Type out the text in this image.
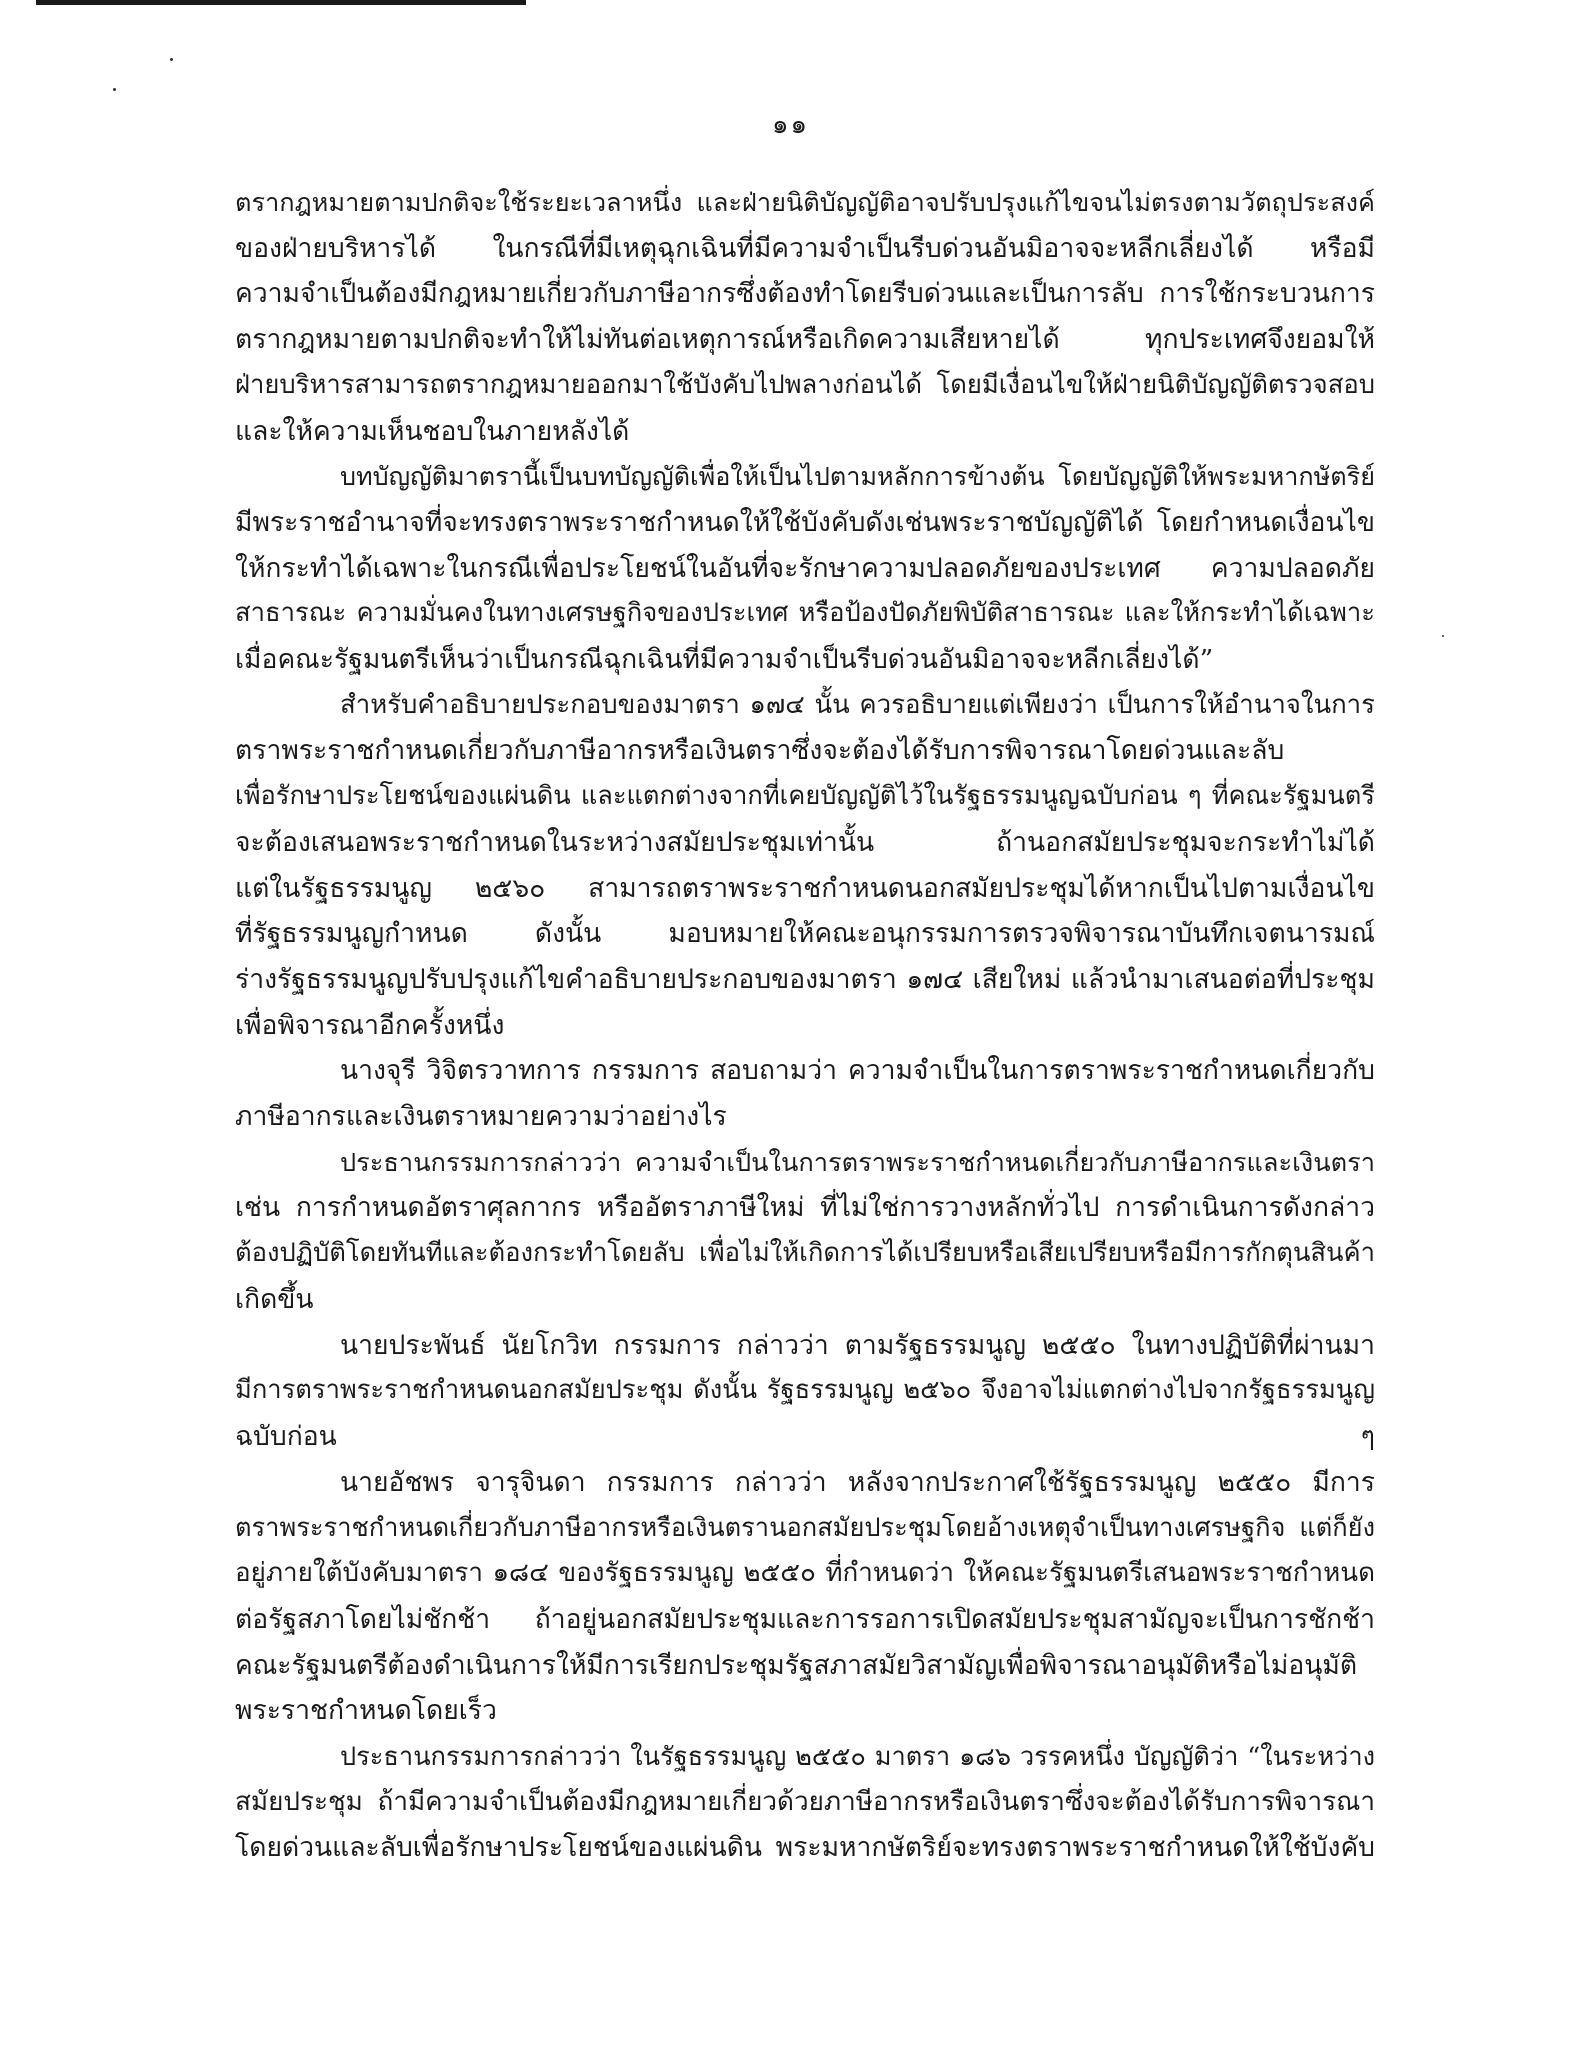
๑๑
ตรากฎหมายตามปกติจะใช้ระยะเวลาหนึ่ง และฝ่ายนิติบัญญัติอาจปรับปรุงแก้ไขจนไม่ตรงตามวัตถุประสงค์
ของฝ่ายบริหารได้ ในกรณีที่มีเหตุฉุกเฉินที่มีความจำเป็นรีบด่วนอันมิอาจจะหลีกเลี่ยงได้ หรือมี
ความจำเป็นต้องมีกฎหมายเกี่ยวกับภาษีอากรซึ่งต้องทำโดยรีบด่วนและเป็นการลับ การใช้กระบวนการ
ตรากฎหมายตามปกติจะทำให้ไม่ทันต่อเหตุการณ์หรือเกิดความเสียหายได้ ทุกประเทศจึงยอมให้
ฝ่ายบริหารสามารถตรากฎหมายออกมาใช้บังคับไปพลางก่อนได้ โดยมีเงื่อนไขให้ฝ่ายนิติบัญญัติตรวจสอบ
และให้ความเห็นชอบในภายหลังได้
บทบัญญัติมาตรานี้เป็นบทบัญญัติเพื่อให้เป็นไปตามหลักการข้างต้น โดยบัญญัติให้พระมหากษัตริย์
มีพระราชอำนาจที่จะทรงตราพระราชกำหนดให้ใช้บังคับดังเช่นพระราชบัญญัติได้ โดยกำหนดเงื่อนไข
ให้กระทำได้เฉพาะในกรณีเพื่อประโยชน์ในอันที่จะรักษาความปลอดภัยของประเทศ ความปลอดภัย
สาธารณะ ความมั่นคงในทางเศรษฐกิจของประเทศ หรือป้องปัดภัยพิบัติสาธารณะ และให้กระทำได้เฉพาะ
เมื่อคณะรัฐมนตรีเห็นว่าเป็นกรณีฉุกเฉินที่มีความจำเป็นรีบด่วนอันมิอาจจะหลีกเลี่ยงได้”
สำหรับคำอธิบายประกอบของมาตรา ๑๗๔ นั้น ควรอธิบายแต่เพียงว่า เป็นการให้อำนาจในการ
ตราพระราชกำหนดเกี่ยวกับภาษีอากรหรือเงินตราซึ่งจะต้องได้รับการพิจารณาโดยด่วนและลับ
เพื่อรักษาประโยชน์ของแผ่นดิน และแตกต่างจากที่เคยบัญญัติไว้ในรัฐธรรมนูญฉบับก่อน ๆ ที่คณะรัฐมนตรี
จะต้องเสนอพระราชกำหนดในระหว่างสมัยประชุมเท่านั้น ถ้านอกสมัยประชุมจะกระทำไม่ได้
แต่ในรัฐธรรมนูญ ๒๕๖๐ สามารถตราพระราชกำหนดนอกสมัยประชุมได้หากเป็นไปตามเงื่อนไข
ที่รัฐธรรมนูญกำหนด ดังนั้น มอบหมายให้คณะอนุกรรมการตรวจพิจารณาบันทึกเจตนารมณ์
ร่างรัฐธรรมนูญปรับปรุงแก้ไขคำอธิบายประกอบของมาตรา ๑๗๔ เสียใหม่ แล้วนำมาเสนอต่อที่ประชุม
เพื่อพิจารณาอีกครั้งหนึ่ง
นางจุรี วิจิตรวาทการ กรรมการ สอบถามว่า ความจำเป็นในการตราพระราชกำหนดเกี่ยวกับ
ภาษีอากรและเงินตราหมายความว่าอย่างไร
ประธานกรรมการกล่าวว่า ความจำเป็นในการตราพระราชกำหนดเกี่ยวกับภาษีอากรและเงินตรา
เช่น การกำหนดอัตราศุลกากร หรืออัตราภาษีใหม่ ที่ไม่ใช่การวางหลักทั่วไป การดำเนินการดังกล่าว
ต้องปฏิบัติโดยทันทีและต้องกระทำโดยลับ เพื่อไม่ให้เกิดการได้เปรียบหรือเสียเปรียบหรือมีการกักตุนสินค้า
เกิดขึ้น
นายประพันธ์ นัยโกวิท กรรมการ กล่าวว่า ตามรัฐธรรมนูญ ๒๕๕๐ ในทางปฏิบัติที่ผ่านมา
มีการตราพระราชกำหนดนอกสมัยประชุม ดังนั้น รัฐธรรมนูญ ๒๕๖๐ จึงอาจไม่แตกต่างไปจากรัฐธรรมนูญ
ฉบับก่อน ๆ
นายอัชพร จารุจินดา กรรมการ กล่าวว่า หลังจากประกาศใช้รัฐธรรมนูญ ๒๕๕๐ มีการ
ตราพระราชกำหนดเกี่ยวกับภาษีอากรหรือเงินตรานอกสมัยประชุมโดยอ้างเหตุจำเป็นทางเศรษฐกิจ แต่ก็ยัง
อยู่ภายใต้บังคับมาตรา ๑๘๔ ของรัฐธรรมนูญ ๒๕๕๐ ที่กำหนดว่า ให้คณะรัฐมนตรีเสนอพระราชกำหนด
ต่อรัฐสภาโดยไม่ชักช้า ถ้าอยู่นอกสมัยประชุมและการรอการเปิดสมัยประชุมสามัญจะเป็นการชักช้า
คณะรัฐมนตรีต้องดำเนินการให้มีการเรียกประชุมรัฐสภาสมัยวิสามัญเพื่อพิจารณาอนุมัติหรือไม่อนุมัติ
พระราชกำหนดโดยเร็ว
ประธานกรรมการกล่าวว่า ในรัฐธรรมนูญ ๒๕๕๐ มาตรา ๑๘๖ วรรคหนึ่ง บัญญัติว่า “ในระหว่าง
สมัยประชุม ถ้ามีความจำเป็นต้องมีกฎหมายเกี่ยวด้วยภาษีอากรหรือเงินตราซึ่งจะต้องได้รับการพิจารณา
โดยด่วนและลับเพื่อรักษาประโยชน์ของแผ่นดิน พระมหากษัตริย์จะทรงตราพระราชกำหนดให้ใช้บังคับ
